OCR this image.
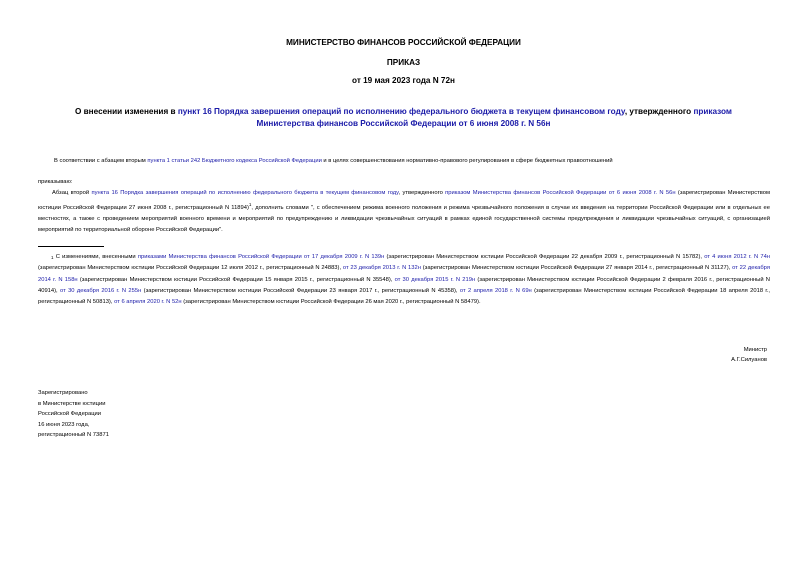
МИНИСТЕРСТВО ФИНАНСОВ РОССИЙСКОЙ ФЕДЕРАЦИИ
ПРИКАЗ
от 19 мая 2023 года N 72н
О внесении изменения в пункт 16 Порядка завершения операций по исполнению федерального бюджета в текущем финансовом году, утвержденного приказом Министерства финансов Российской Федерации от 6 июня 2008 г. N 56н
В соответствии с абзацем вторым пункта 1 статьи 242 Бюджетного кодекса Российской Федерации и в целях совершенствования нормативно-правового регулирования в сфере бюджетных правоотношений
приказываю:
Абзац второй пункта 16 Порядка завершения операций по исполнению федерального бюджета в текущем финансовом году, утвержденного приказом Министерства финансов Российской Федерации от 6 июня 2008 г. N 56н (зарегистрирован Министерством юстиции Российской Федерации 27 июня 2008 г., регистрационный N 11894)$^1$, дополнить словами ", с обеспечением режима военного положения и режима чрезвычайного положения в случае их введения на территории Российской Федерации или в отдельных ее местностях, а также с проведением мероприятий военного времени и мероприятий по предупреждению и ликвидации чрезвычайных ситуаций в рамках единой государственной системы предупреждения и ликвидации чрезвычайных ситуаций, с организацией мероприятий по территориальной обороне Российской Федерации".
$^1$ С изменениями, внесенными приказами Министерства финансов Российской Федерации от 17 декабря 2009 г. N 139н (зарегистрирован Министерством юстиции Российской Федерации 22 декабря 2009 г., регистрационный N 15782), от 4 июня 2012 г. N 74н (зарегистрирован Министерством юстиции Российской Федерации 12 июля 2012 г., регистрационный N 24883), от 23 декабря 2013 г. N 132н (зарегистрирован Министерством юстиции Российской Федерации 27 января 2014 г., регистрационный N 31127), от 22 декабря 2014 г. N 158н (зарегистрирован Министерством юстиции Российской Федерации 15 января 2015 г., регистрационный N 35548), от 30 декабря 2015 г. N 219н (зарегистрирован Министерством юстиции Российской Федерации 2 февраля 2016 г., регистрационный N 40914), от 30 декабря 2016 г. N 255н (зарегистрирован Министерством юстиции Российской Федерации 23 января 2017 г., регистрационный N 45358), от 2 апреля 2018 г. N 69н (зарегистрирован Министерством юстиции Российской Федерации 18 апреля 2018 г., регистрационный N 50813), от 6 апреля 2020 г. N 52н (зарегистрирован Министерством юстиции Российской Федерации 26 мая 2020 г., регистрационный N 58479).
Министр
А.Г.Силуанов
Зарегистрировано
в Министерстве юстиции
Российской Федерации
16 июня 2023 года,
регистрационный N 73871
